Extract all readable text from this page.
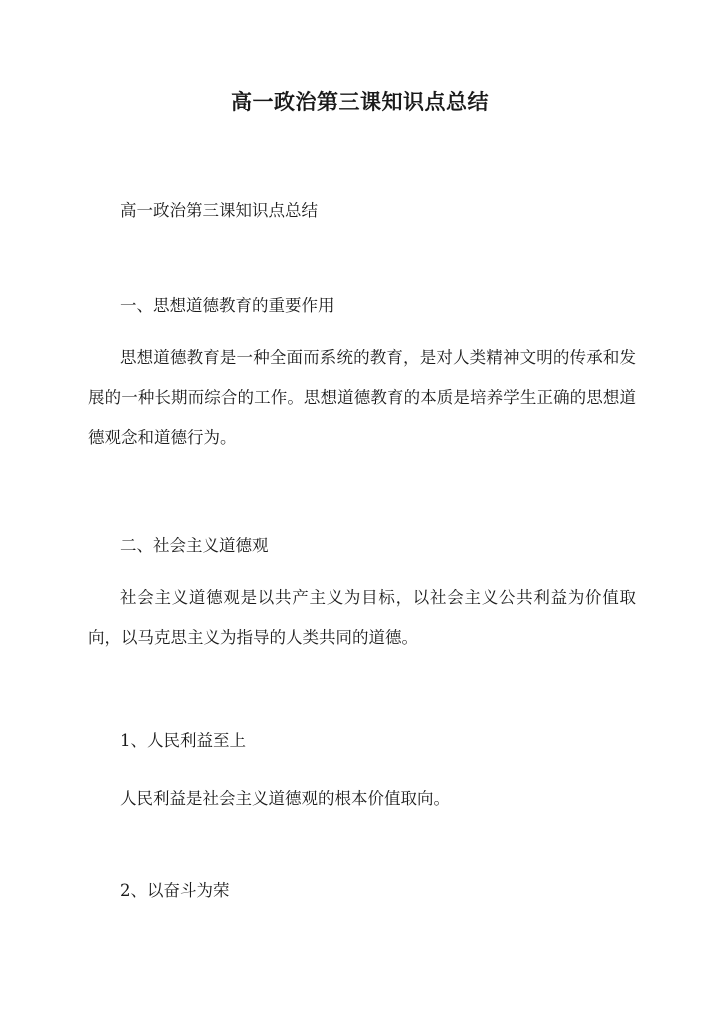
高一政治第三课知识点总结
高一政治第三课知识点总结
一、思想道德教育的重要作用
思想道德教育是一种全面而系统的教育，是对人类精神文明的传承和发展的一种长期而综合的工作。思想道德教育的本质是培养学生正确的思想道德观念和道德行为。
二、社会主义道德观
社会主义道德观是以共产主义为目标，以社会主义公共利益为价值取向，以马克思主义为指导的人类共同的道德。
1、人民利益至上
人民利益是社会主义道德观的根本价值取向。
2、以奋斗为荣
